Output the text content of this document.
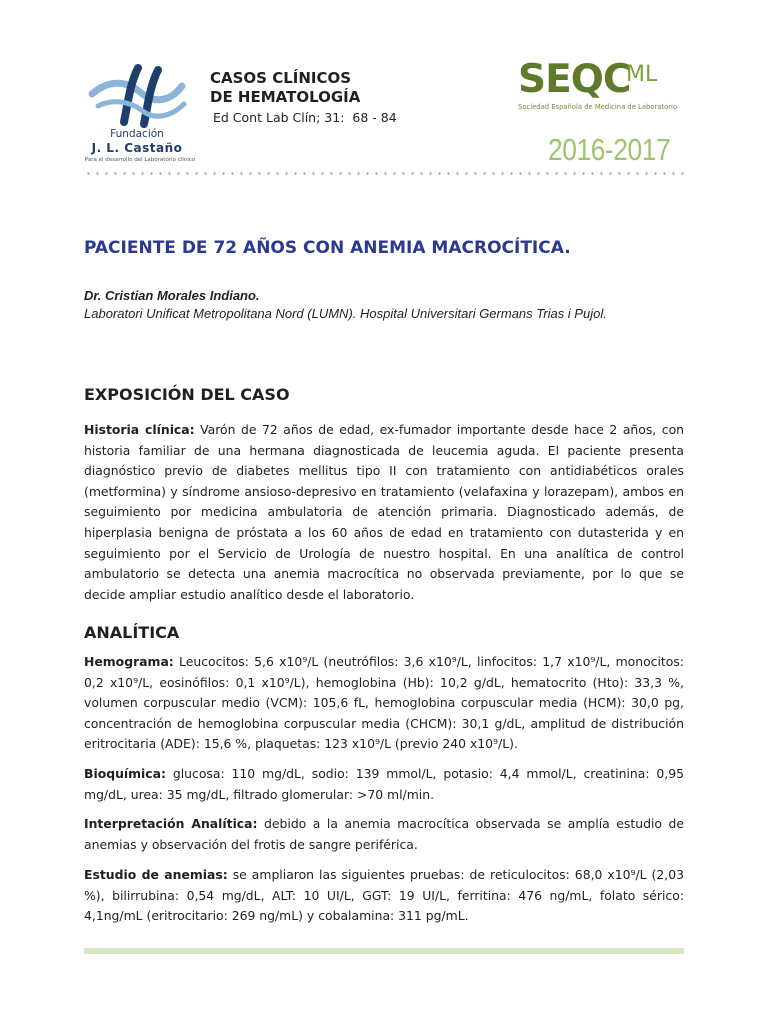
Fundación
J. L. Castaño
Para el desarrollo del Laboratorio clínico
CASOS CLÍNICOS
DE HEMATOLOGÍA
Ed Cont Lab Clín; 31: 68 - 84
SEQC
ML
Sociedad Española de Medicina de Laboratorio
2016-2017
PACIENTE DE 72 AÑOS CON ANEMIA MACROCÍTICA.
Dr. Cristian Morales Indiano.
Laboratori Unificat Metropolitana Nord (LUMN). Hospital Universitari Germans Trias i Pujol.
EXPOSICIÓN DEL CASO
Historia clínica: Varón de 72 años de edad, ex-fumador importante desde hace 2 años, con historia familiar de una hermana diagnosticada de leucemia aguda. El paciente presenta diagnóstico previo de diabetes mellitus tipo II con tratamiento con antidiabéticos orales (metformina) y síndrome ansioso-depresivo en tratamiento (velafaxina y lorazepam), ambos en seguimiento por medicina ambulatoria de atención primaria. Diagnosticado además, de hiperplasia benigna de próstata a los 60 años de edad en tratamiento con dutasterida y en seguimiento por el Servicio de Urología de nuestro hospital. En una analítica de control ambulatorio se detecta una anemia macrocítica no observada previamente, por lo que se decide ampliar estudio analítico desde el laboratorio.
ANALÍTICA
Hemograma: Leucocitos: 5,6 x10⁹/L (neutrófilos: 3,6 x10⁹/L, linfocitos: 1,7 x10⁹/L, monocitos: 0,2 x10⁹/L, eosinófilos: 0,1 x10⁹/L), hemoglobina (Hb): 10,2 g/dL, hematocrito (Hto): 33,3 %, volumen corpuscular medio (VCM): 105,6 fL, hemoglobina corpuscular media (HCM): 30,0 pg, concentración de hemoglobina corpuscular media (CHCM): 30,1 g/dL, amplitud de distribución eritrocitaria (ADE): 15,6 %, plaquetas: 123 x10⁹/L (previo 240 x10⁹/L).
Bioquímica: glucosa: 110 mg/dL, sodio: 139 mmol/L, potasio: 4,4 mmol/L, creatinina: 0,95 mg/dL, urea: 35 mg/dL, filtrado glomerular: >70 ml/min.
Interpretación Analítica: debido a la anemia macrocítica observada se amplía estudio de anemias y observación del frotis de sangre periférica.
Estudio de anemias: se ampliaron las siguientes pruebas: de reticulocitos: 68,0 x10⁹/L (2,03 %), bilirrubina: 0,54 mg/dL, ALT: 10 UI/L, GGT: 19 UI/L, ferritina: 476 ng/mL, folato sérico: 4,1ng/mL (eritrocitario: 269 ng/mL) y cobalamina: 311 pg/mL.
